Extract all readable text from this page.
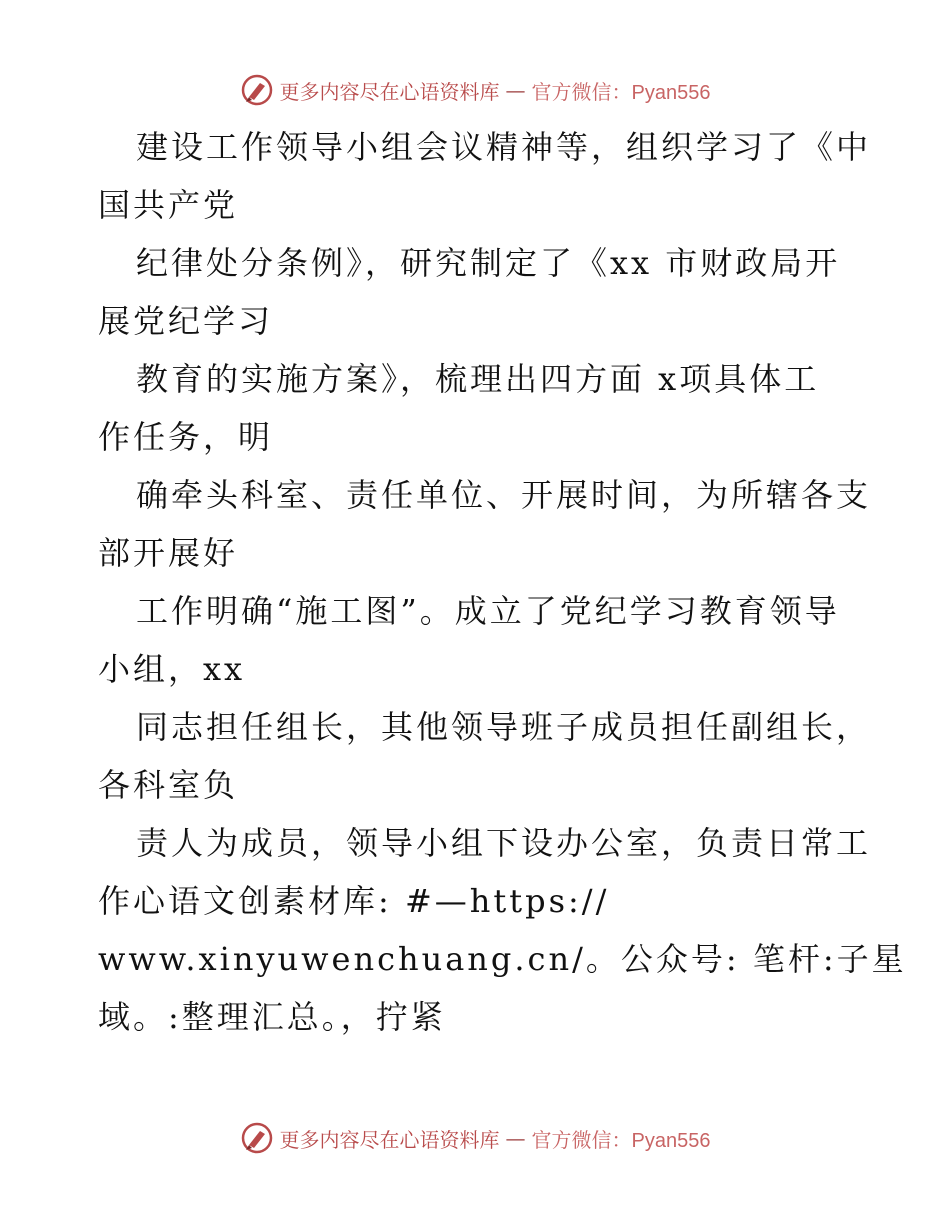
更多内容尽在心语资料库 — 官方微信：Pyan556
建设工作领导小组会议精神等，组织学习了《中
国共产党
纪律处分条例》，研究制定了《xx 市财政局开
展党纪学习
教育的实施方案》，梳理出四方面 x项具体工
作任务，明
确牵头科室、责任单位、开展时间，为所辖各支
部开展好
工作明确“施工图”。成立了党纪学习教育领导
小组，xx
同志担任组长，其他领导班子成员担任副组长，
各科室负
责人为成员，领导小组下设办公室，负责日常工
作心语文创素材库: #—https://
www.xinyuwenchuang.cn/。公众号: 笔杆:子星
域。:整理汇总。，拧紧
更多内容尽在心语资料库 — 官方微信：Pyan556
